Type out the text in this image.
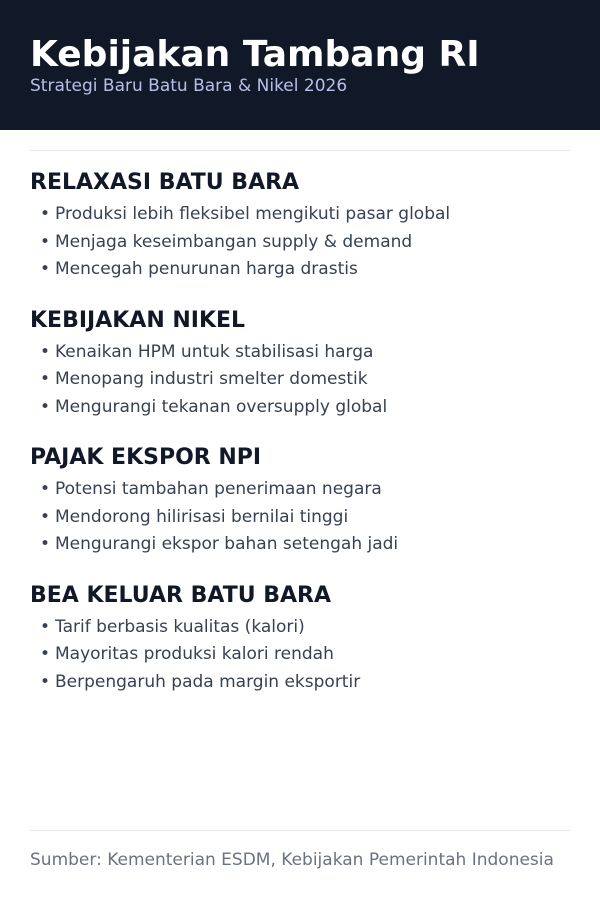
Kebijakan Tambang RI
Strategi Baru Batu Bara & Nikel 2026
RELAXASI BATU BARA
• Produksi lebih fleksibel mengikuti pasar global
• Menjaga keseimbangan supply & demand
• Mencegah penurunan harga drastis
KEBIJAKAN NIKEL
• Kenaikan HPM untuk stabilisasi harga
• Menopang industri smelter domestik
• Mengurangi tekanan oversupply global
PAJAK EKSPOR NPI
• Potensi tambahan penerimaan negara
• Mendorong hilirisasi bernilai tinggi
• Mengurangi ekspor bahan setengah jadi
BEA KELUAR BATU BARA
• Tarif berbasis kualitas (kalori)
• Mayoritas produksi kalori rendah
• Berpengaruh pada margin eksportir
Sumber: Kementerian ESDM, Kebijakan Pemerintah Indonesia
